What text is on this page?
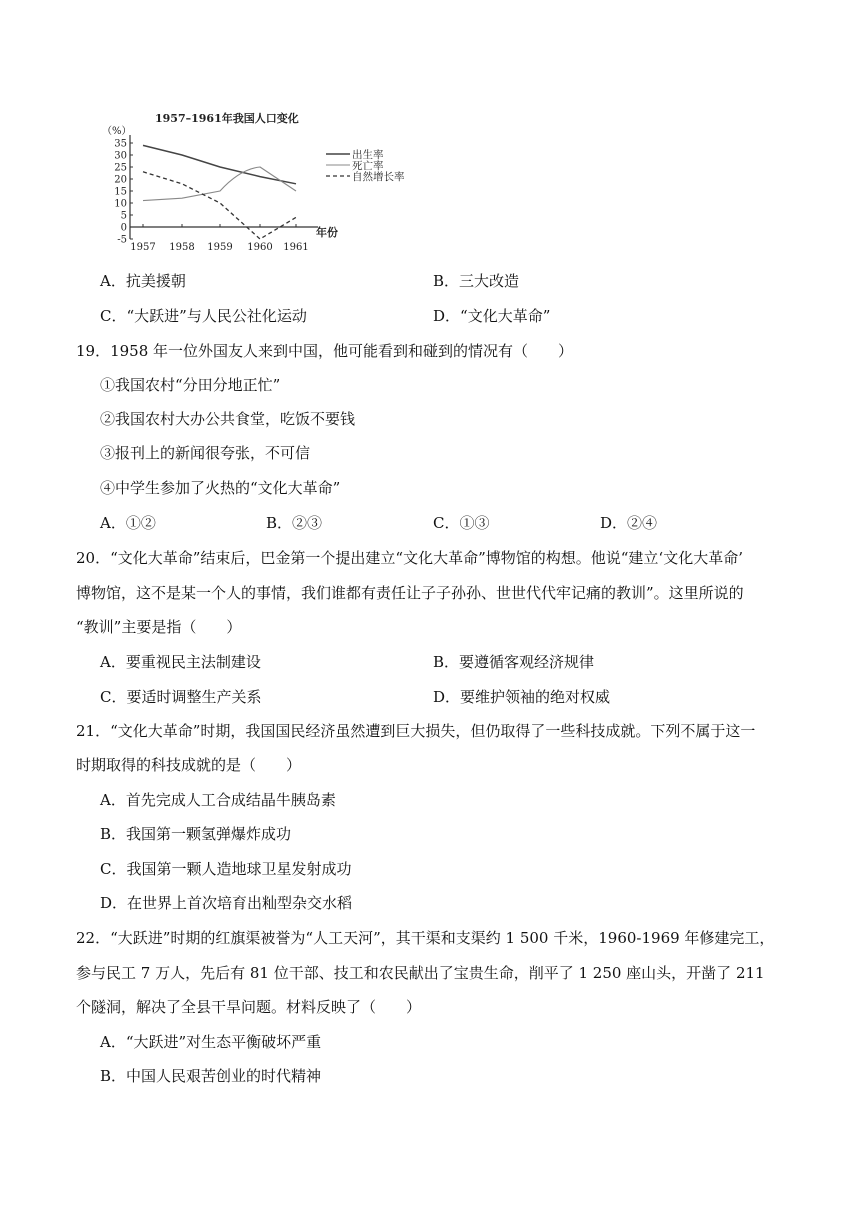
1957–1961年我国人口变化
（%）
年份
35
30
25
20
15
10
5
0
-5
1957 1958 1959 1960 1961
出生率
死亡率
自然增长率
A．抗美援朝	B．三大改造
C．“大跃进”与人民公社化运动	D．“文化大革命”
19．1958 年一位外国友人来到中国，他可能看到和碰到的情况有（　　）
①我国农村“分田分地正忙”
②我国农村大办公共食堂，吃饭不要钱
③报刊上的新闻很夸张，不可信
④中学生参加了火热的“文化大革命”
A．①②	B．②③	C．①③	D．②④
20．“文化大革命”结束后，巴金第一个提出建立“文化大革命”博物馆的构想。他说“建立‘文化大革命’
博物馆，这不是某一个人的事情，我们谁都有责任让子子孙孙、世世代代牢记痛的教训”。这里所说的
“教训”主要是指（　　）
A．要重视民主法制建设	B．要遵循客观经济规律
C．要适时调整生产关系	D．要维护领袖的绝对权威
21．“文化大革命”时期，我国国民经济虽然遭到巨大损失，但仍取得了一些科技成就。下列不属于这一
时期取得的科技成就的是（　　）
A．首先完成人工合成结晶牛胰岛素
B．我国第一颗氢弹爆炸成功
C．我国第一颗人造地球卫星发射成功
D．在世界上首次培育出籼型杂交水稻
22．“大跃进”时期的红旗渠被誉为“人工天河”，其干渠和支渠约 1 500 千米，1960-1969 年修建完工，
参与民工 7 万人，先后有 81 位干部、技工和农民献出了宝贵生命，削平了 1 250 座山头，开凿了 211
个隧洞，解决了全县干旱问题。材料反映了（　　）
A．“大跃进”对生态平衡破坏严重
B．中国人民艰苦创业的时代精神
